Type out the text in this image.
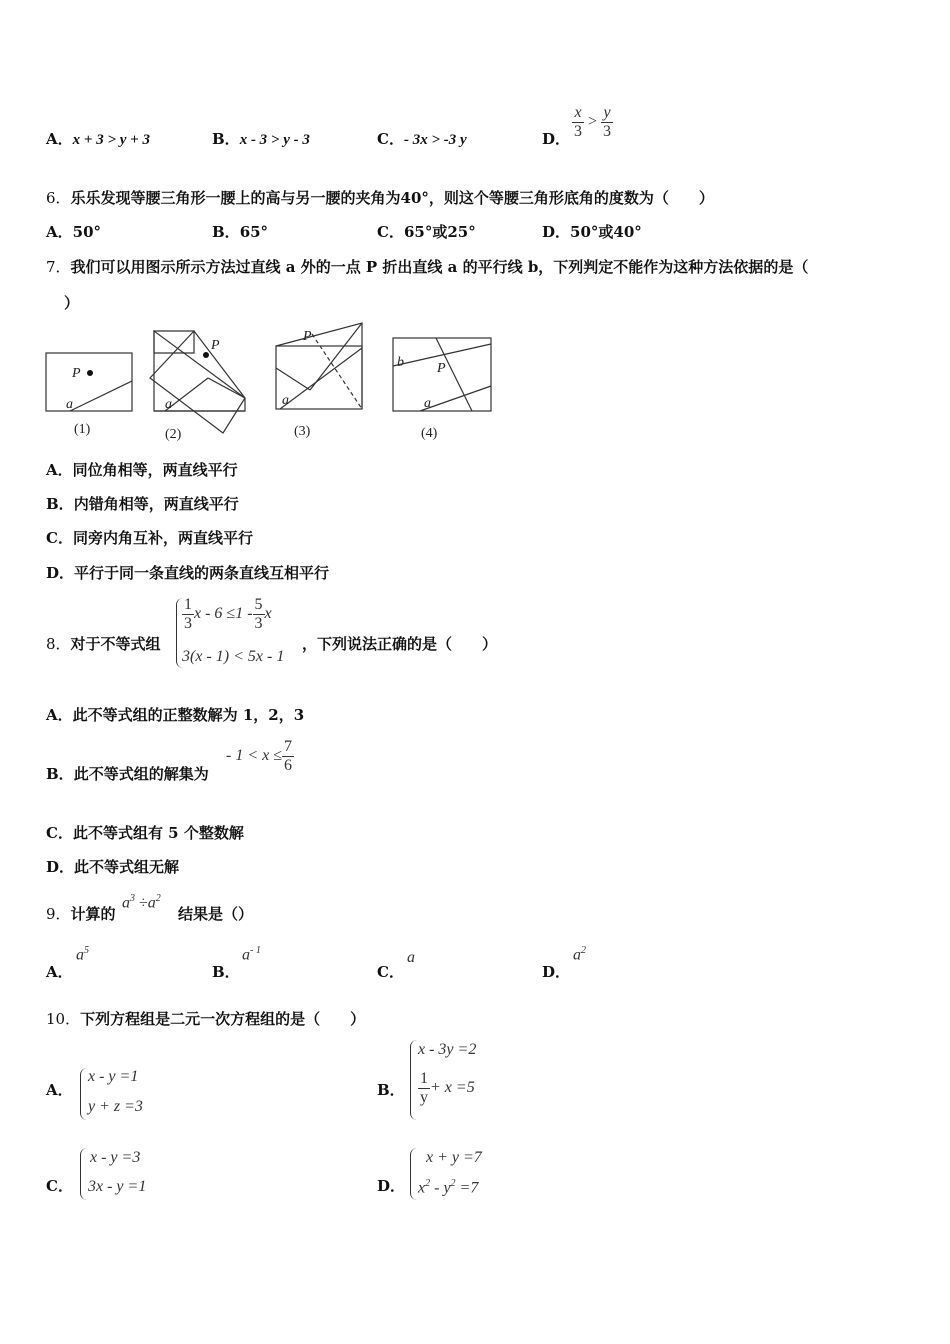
A．x + 3 > y + 3	B．x - 3 > y - 3	C．- 3x > -3 y	D． $\frac{x}{3} > \frac{y}{3}$
6．乐乐发现等腰三角形一腰上的高与另一腰的夹角为40°，则这个等腰三角形底角的度数为（　　）
A．50°	B．65°	C．65°或25°	D．50°或40°
7．我们可以用图示所示方法过直线 a 外的一点 P 折出直线 a 的平行线 b，下列判定不能作为这种方法依据的是（
）
P
a
P
a
P
a
b P
a
(1)	(2)	(3)	(4)
A．同位角相等，两直线平行
B．内错角相等，两直线平行
C．同旁内角互补，两直线平行
D．平行于同一条直线的两条直线互相平行
8．对于不等式组
$\frac{1}{3}$ $x - 6 \le 1 - \frac{5}{3}$ x
3(x - 1) < 5x - 1
，下列说法正确的是（　　）
A．此不等式组的正整数解为 1，2，3
B．此不等式组的解集为
- $1 < x \le \frac{7}{6}$
C．此不等式组有 5 个整数解
D．此不等式组无解
9．计算的
$a^3 \div a^2$
结果是（）
A．
$a^5$
B．
$a^{- 1}$
C．
a
D．
$a^2$
10．下列方程组是二元一次方程组的是（　　）
A．
x - y =1
y + z =3
B．
x - 3y =2
$\frac{1}{y} + x =5$
C．
x - y =3
3x - y =1	D．
x + y =7
$x^2 - y^2 =7$
